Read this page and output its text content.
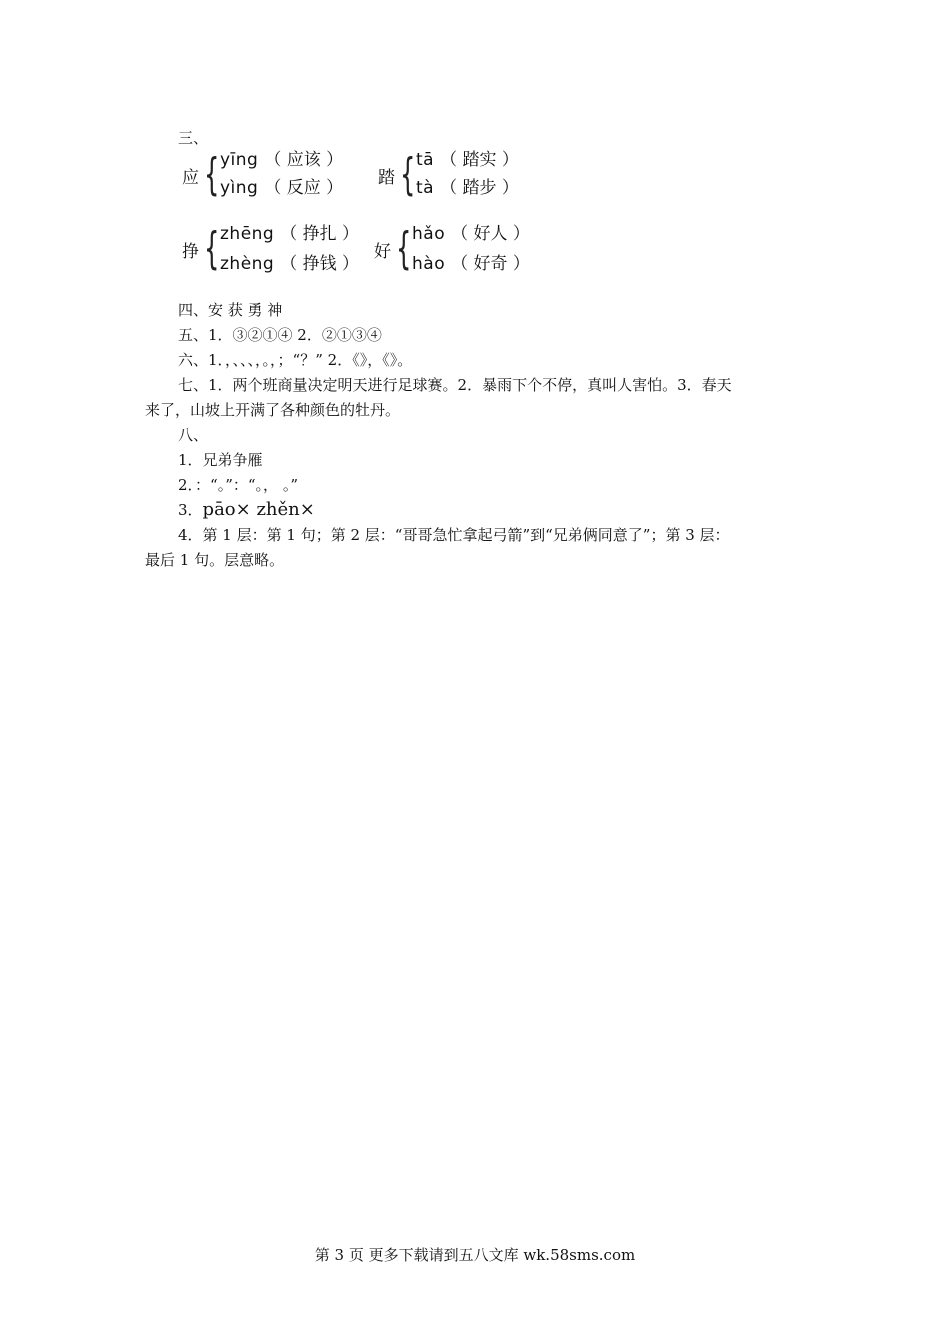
三、
应 { yīng （ 应该 ）
yìng （ 反应 ） 踏 { tā （ 踏实 ）
tà （ 踏步 ）
挣 { zhēng （ 挣扎 ）
zhèng （ 挣钱 ）
好 { hǎo （ 好人 ）
hào （ 好奇 ）
四、安 获 勇 神
五、1．③②①④ 2．②①③④
六、1．，、、、，。，；“？” 2．《》，《》。
七、1．两个班商量决定明天进行足球赛。2．暴雨下个不停，真叫人害怕。3．春天
来了，山坡上开满了各种颜色的牡丹。
八、
1．兄弟争雁
2．：“。”：“。， 。”
3．pāo× zhěn×
4．第 1 层：第 1 句；第 2 层：“哥哥急忙拿起弓箭”到“兄弟俩同意了”；第 3 层：
最后 1 句。层意略。
第 3 页 更多下载请到五八文库 wk.58sms.com
